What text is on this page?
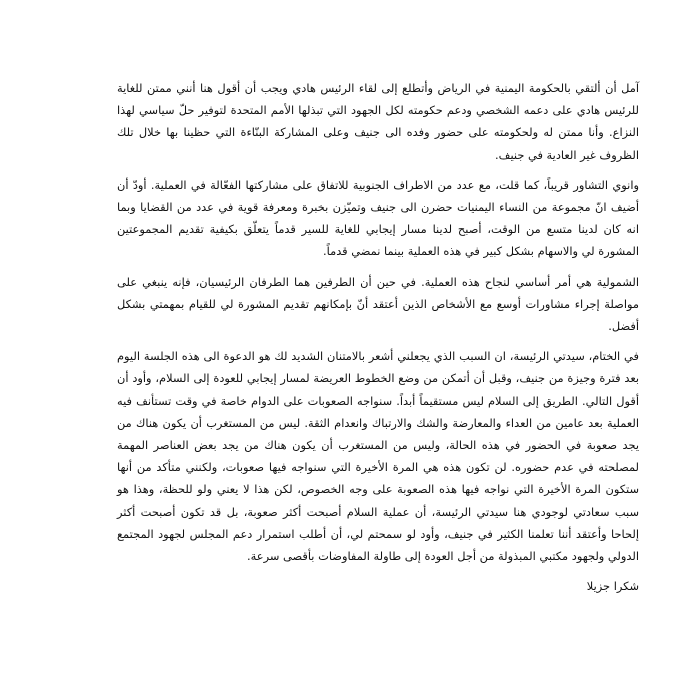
آمل أن ألتقي بالحكومة اليمنية في الرياض وأتطلع إلى لقاء الرئيس هادي ويجب أن أقول هنا أنني ممتن للغاية للرئيس هادي على دعمه الشخصي ودعم حكومته لكل الجهود التي تبذلها الأمم المتحدة لتوفير حلّ سياسي لهذا النزاع. وأنا ممتن له ولحكومته على حضور وفده الى جنيف وعلى المشاركة البنّاءة التي حظينا بها خلال تلك الظروف غير العادية في جنيف.

وانوي التشاور قريباً، كما قلت، مع عدد من الاطراف الجنوبية للاتفاق على مشاركتها الفعّالة في العملية. أودّ أن أضيف انّ مجموعة من النساء اليمنيات حضرن الى جنيف وتميّزن بخبرة ومعرفة قوية في عدد من القضايا وبما انه كان لدينا متسع من الوقت، أصبح لدينا مسار إيجابي للغاية للسير قدماً يتعلّق بكيفية تقديم المجموعتين المشورة لي والاسهام بشكل كبير في هذه العملية بينما نمضي قدماً.

الشمولية هي أمر أساسي لنجاح هذه العملية. في حين أن الطرفين هما الطرفان الرئيسيان، فإنه ينبغي على مواصلة إجراء مشاورات أوسع مع الأشخاص الذين أعتقد أنّ بإمكانهم تقديم المشورة لي للقيام بمهمتي بشكل أفضل.

في الختام، سيدتي الرئيسة، ان السبب الذي يجعلني أشعر بالامتنان الشديد لك هو الدعوة الى هذه الجلسة اليوم بعد فترة وجيزة من جنيف، وقبل أن أتمكن من وضع الخطوط العريضة لمسار إيجابي للعودة إلى السلام، وأود أن أقول التالي. الطريق إلى السلام ليس مستقيماً أبداً. سنواجه الصعوبات على الدوام خاصة في وقت تستأنف فيه العملية بعد عامين من العداء والمعارضة والشك والارتباك وانعدام الثقة. ليس من المستغرب أن يكون هناك من يجد صعوبة في الحضور في هذه الحالة، وليس من المستغرب أن يكون هناك من يجد بعض العناصر المهمة لمصلحته في عدم حضوره. لن تكون هذه هي المرة الأخيرة التي سنواجه فيها صعوبات، ولكنني متأكد من أنها ستكون المرة الأخيرة التي نواجه فيها هذه الصعوبة على وجه الخصوص، لكن هذا لا يعني ولو للحظة، وهذا هو سبب سعادتي لوجودي هنا سيدتي الرئيسة، أن عملية السلام أصبحت أكثر صعوبة، بل قد تكون أصبحت أكثر إلحاحا وأعتقد أننا تعلمنا الكثير في جنيف، وأود لو سمحتم لي، أن أطلب استمرار دعم المجلس لجهود المجتمع الدولي ولجهود مكتبي المبذولة من أجل العودة إلى طاولة المفاوضات بأقصى سرعة.

شكرا جزيلا
